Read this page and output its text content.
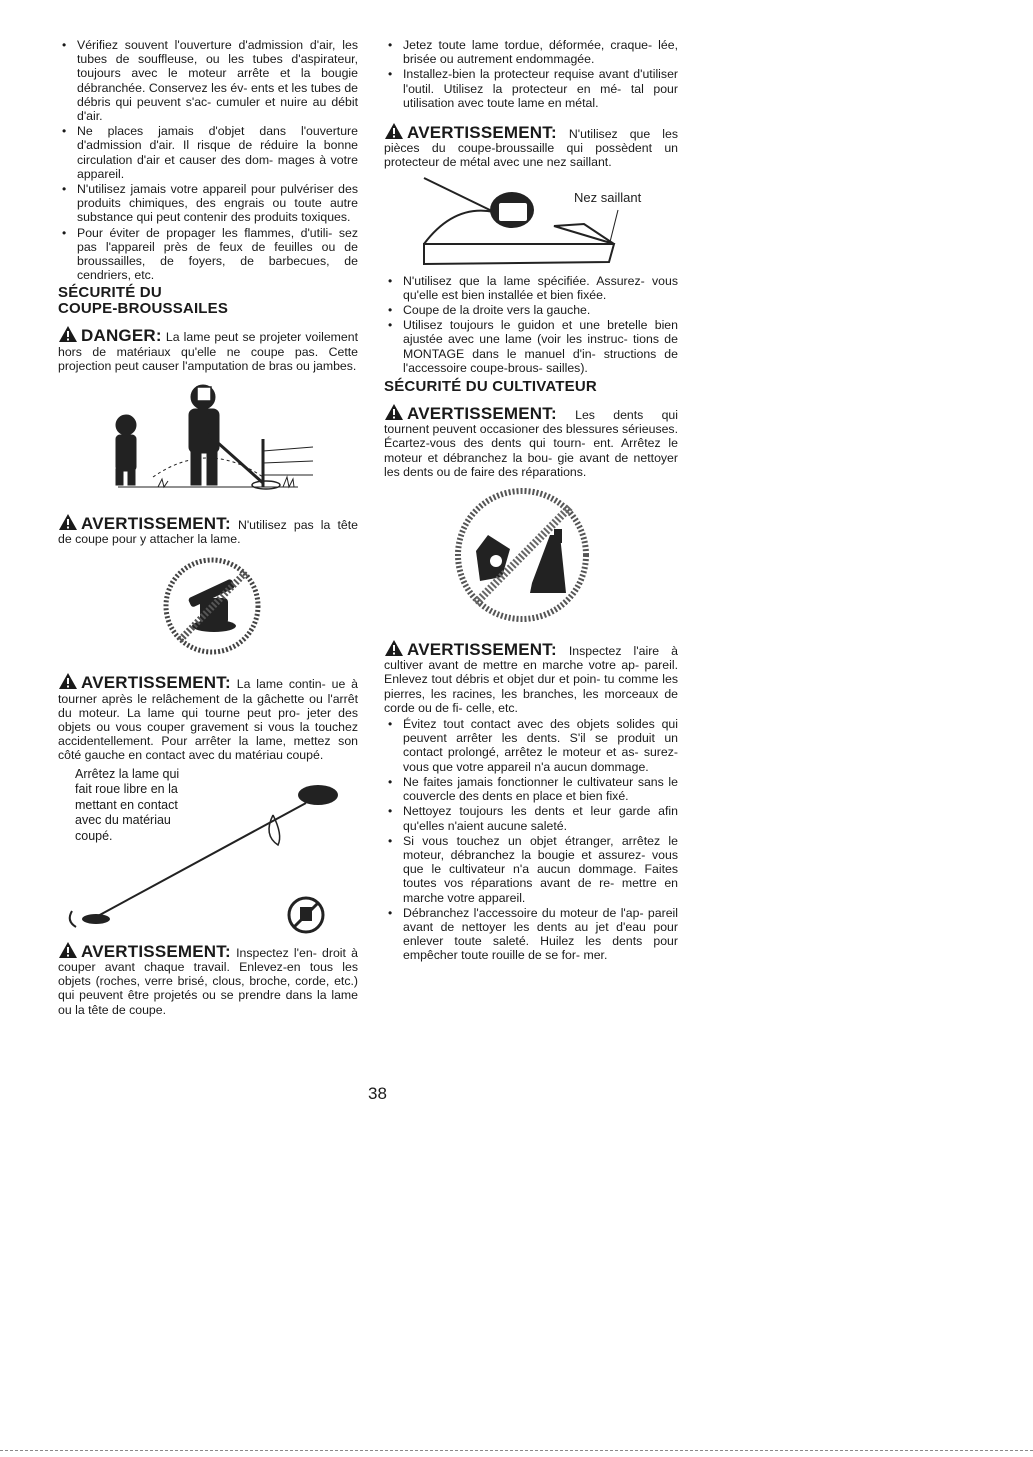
• Vérifiez souvent l'ouverture d'admission d'air, les tubes de souffleuse, ou les tubes d'aspirateur, toujours avec le moteur arrête et la bougie débranchée. Conservez les év- ents et les tubes de débris qui peuvent s'ac- cumuler et nuire au débit d'air.
• Ne places jamais d'objet dans l'ouverture d'admission d'air. Il risque de réduire la bonne circulation d'air et causer des dom- mages à votre appareil.
• N'utilisez jamais votre appareil pour pulvériser des produits chimiques, des engrais ou toute autre substance qui peut contenir des produits toxiques.
• Pour éviter de propager les flammes, d'utili- sez pas l'appareil près de feux de feuilles ou de broussailles, de foyers, de barbecues, de cendriers, etc.
SÉCURITÉ DU
COUPE-BROUSSAILES

DANGER: La lame peut se projeter voilement hors de matériaux qu'elle ne coupe pas. Cette projection peut causer l'amputation de bras ou jambes.

AVERTISSEMENT: N'utilisez pas la tête de coupe pour y attacher la lame.

AVERTISSEMENT: La lame contin- ue à tourner après le relâchement de la gâchette ou l'arrêt du moteur. La lame qui tourne peut pro- jeter des objets ou vous couper gravement si vous la touchez accidentellement. Pour arrêter la lame, mettez son côté gauche en contact avec du matériau coupé.

Arrêtez la lame qui
fait roue libre en la
mettant en contact
avec du matériau
coupé.

AVERTISSEMENT: Inspectez l'en- droit à couper avant chaque travail. Enlevez-en tous les objets (roches, verre brisé, clous, broche, corde, etc.) qui peuvent être projetés ou se prendre dans la lame ou la tête de coupe.

• Jetez toute lame tordue, déformée, craque- lée, brisée ou autrement endommagée.
• Installez-bien la protecteur requise avant d'utiliser l'outil. Utilisez la protecteur en mé- tal pour utilisation avec toute lame en métal.

AVERTISSEMENT: N'utilisez que les pièces du coupe-broussaille qui possèdent un protecteur de métal avec une nez saillant.

Nez saillant
• N'utilisez que la lame spécifiée. Assurez- vous qu'elle est bien installée et bien fixée.
• Coupe de la droite vers la gauche.
• Utilisez toujours le guidon et une bretelle bien ajustée avec une lame (voir les instruc- tions de MONTAGE dans le manuel d'in- structions de l'accessoire coupe-brous- sailles).
SÉCURITÉ DU CULTIVATEUR

AVERTISSEMENT: Les dents qui tournent peuvent occasioner des blessures sérieuses. Écartez-vous des dents qui tourn- ent. Arrêtez le moteur et débranchez la bou- gie avant de nettoyer les dents ou de faire des réparations.

AVERTISSEMENT: Inspectez l'aire à cultiver avant de mettre en marche votre ap- pareil. Enlevez tout débris et objet dur et poin- tu comme les pierres, les racines, les branches, les morceaux de corde ou de fi- celle, etc.

• Évitez tout contact avec des objets solides qui peuvent arrêter les dents. S'il se produit un contact prolongé, arrêtez le moteur et as- surez-vous que votre appareil n'a aucun dommage.
• Ne faites jamais fonctionner le cultivateur sans le couvercle des dents en place et bien fixé.
• Nettoyez toujours les dents et leur garde afin qu'elles n'aient aucune saleté.
• Si vous touchez un objet étranger, arrêtez le moteur, débranchez la bougie et assurez- vous que le cultivateur n'a aucun dommage. Faites toutes vos réparations avant de re- mettre en marche votre appareil.
• Débranchez l'accessoire du moteur de l'ap- pareil avant de nettoyer les dents au jet d'eau pour enlever toute saleté. Huilez les dents pour empêcher toute rouille de se for- mer.
38
